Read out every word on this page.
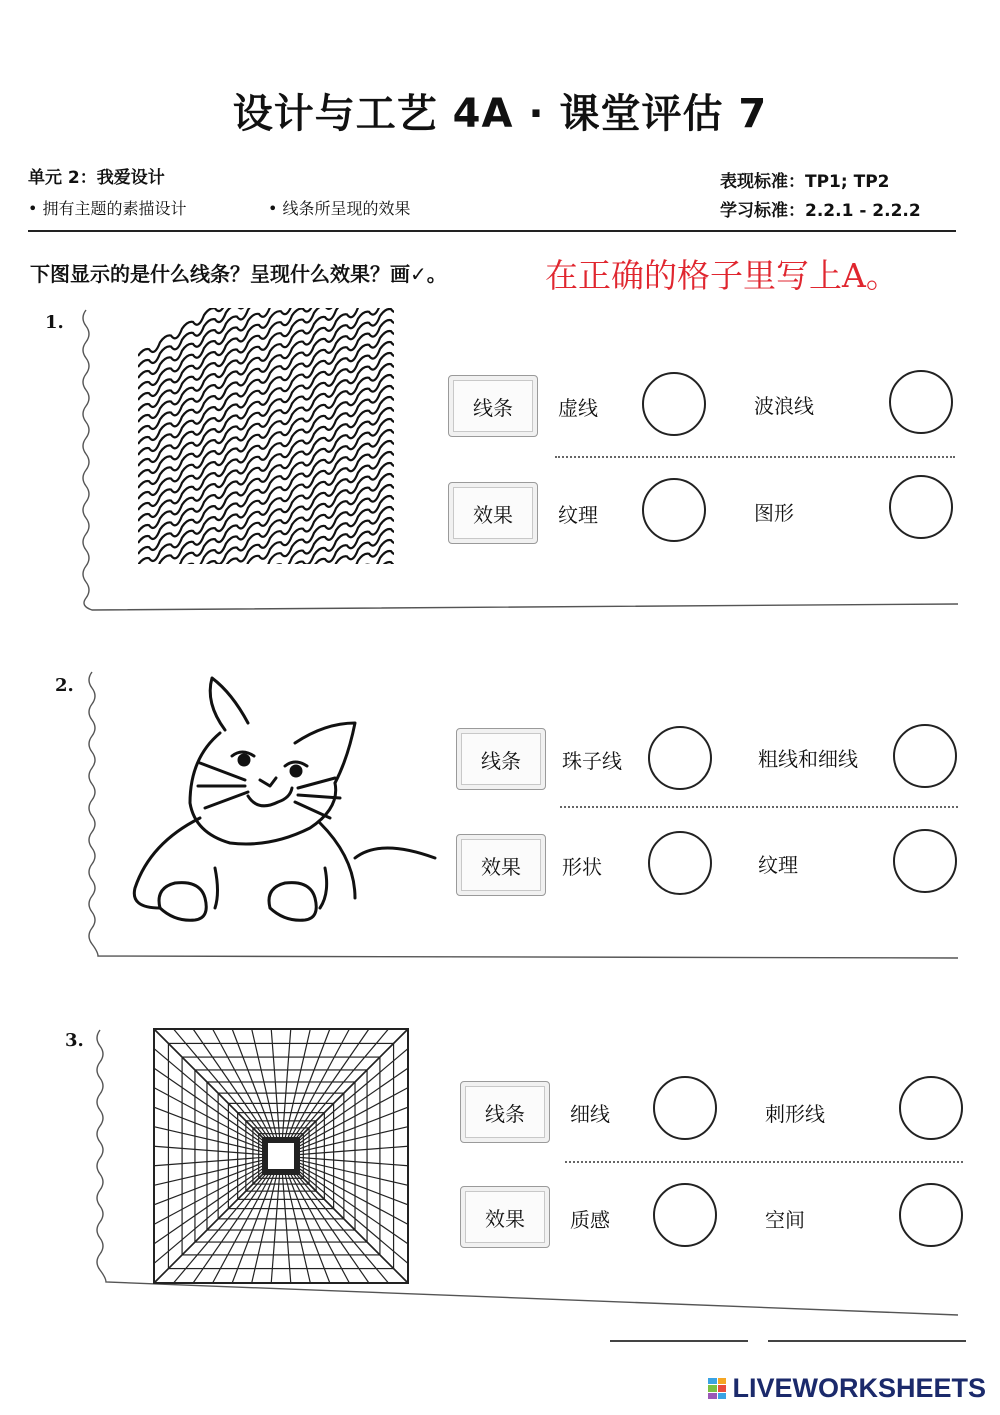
设计与工艺 4A · 课堂评估 7
单元 2：我爱设计
• 拥有主题的素描设计	• 线条所呈现的效果
表现标准：TP1; TP2
学习标准：2.2.1 - 2.2.2
下图显示的是什么线条？呈现什么效果？画✓。	在正确的格子里写上A。
1.
线条	虚线	波浪线
效果	纹理	图形
2.
线条	珠子线	粗线和细线
效果	形状	纹理
3.
线条	细线	刺形线
效果	质感	空间
LIVEWORKSHEETS
